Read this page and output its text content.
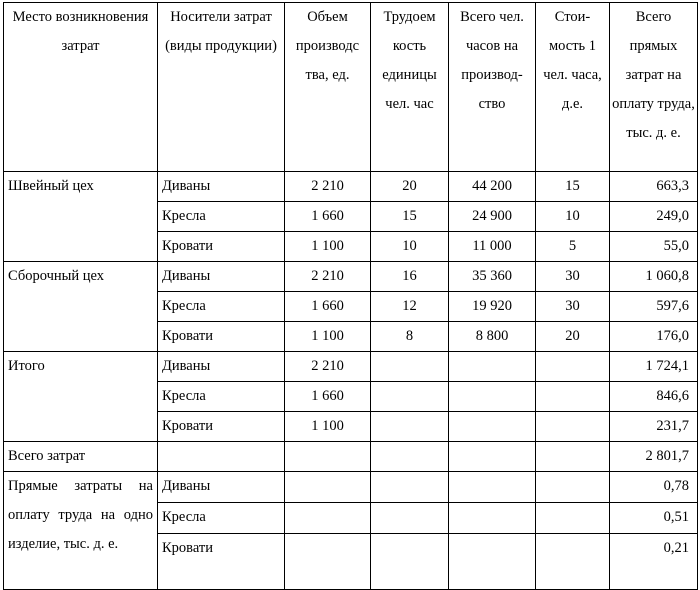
Место возникновения затрат	Носители затрат (виды продукции)	Объем производс тва, ед.	Трудоем кость единицы чел. час	Всего чел. часов на производ- ство	Стои- мость 1 чел. часа, д.е.	Всего прямых затрат на оплату труда, тыс. д. е.
Швейный цех	Диваны	2 210	20	44 200	15	663,3
	Кресла	1 660	15	24 900	10	249,0
	Кровати	1 100	10	11 000	5	55,0
Сборочный цех	Диваны	2 210	16	35 360	30	1 060,8
	Кресла	1 660	12	19 920	30	597,6
	Кровати	1 100	8	8 800	20	176,0
Итого	Диваны	2 210				1 724,1
	Кресла	1 660				846,6
	Кровати	1 100				231,7
Всего затрат						2 801,7
Прямые затраты на оплату труда на одно изделие, тыс. д. е.	Диваны					0,78
	Кресла					0,51
	Кровати					0,21
